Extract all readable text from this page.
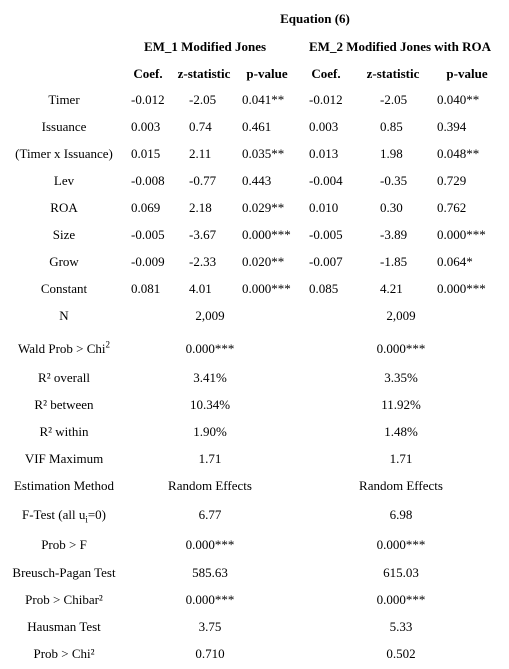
Equation (6)
EM_1 Modified Jones	EM_2 Modified Jones with ROA
Coef. z-statistic p-value Coef. z-statistic p-value
Timer	-0.012 -2.05 0.041** -0.012	-2.05 0.040**
Issuance	0.003 0.74 0.461	0.003	0.85	0.394
(Timer x Issuance) 0.015 2.11 0.035** 0.013	1.98	0.048**
Lev	-0.008 -0.77 0.443	-0.004	-0.35 0.729
ROA	0.069 2.18 0.029** 0.010	0.30	0.762
Size	-0.005 -3.67 0.000*** -0.005	-3.89 0.000***
Grow	-0.009 -2.33 0.020** -0.007	-1.85 0.064*
Constant	0.081 4.01 0.000*** 0.085	4.21	0.000***
N	2,009	2,009
Wald Prob > Chi$^2$	0.000***	0.000***
R² overall	3.41%	3.35%
R² between	10.34%	11.92%
R² within	1.90%	1.48%
VIF Maximum	1.71	1.71
Estimation Method	Random Effects	Random Effects
F-Test (all $u_i=0$)	6.77	6.98
Prob > F	0.000***	0.000***
Breusch-Pagan Test	585.63	615.03
Prob > Chibar²	0.000***	0.000***
Hausman Test	3.75	5.33
Prob > Chi²	0.710	0.502
